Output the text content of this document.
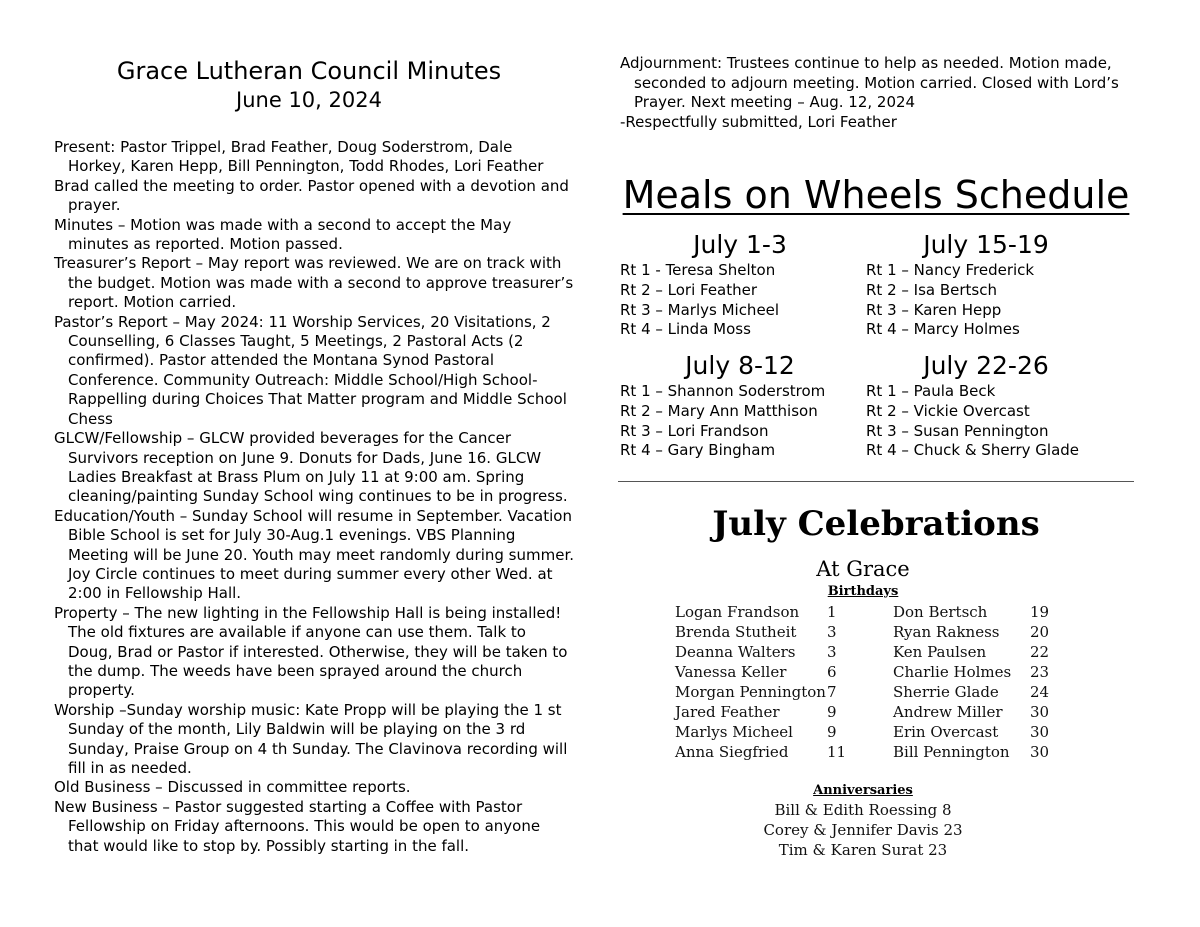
Grace Lutheran Council Minutes
June 10, 2024

Present: Pastor Trippel, Brad Feather, Doug Soderstrom, Dale Horkey, Karen Hepp, Bill Pennington, Todd Rhodes, Lori Feather

Brad called the meeting to order. Pastor opened with a devotion and prayer.

Minutes – Motion was made with a second to accept the May minutes as reported. Motion passed.

Treasurer’s Report – May report was reviewed. We are on track with the budget. Motion was made with a second to approve treasurer’s report. Motion carried.

Pastor’s Report – May 2024: 11 Worship Services, 20 Visitations, 2 Counselling, 6 Classes Taught, 5 Meetings, 2 Pastoral Acts (2 confirmed). Pastor attended the Montana Synod Pastoral Conference. Community Outreach: Middle School/High School- Rappelling during Choices That Matter program and Middle School Chess

GLCW/Fellowship – GLCW provided beverages for the Cancer Survivors reception on June 9. Donuts for Dads, June 16. GLCW Ladies Breakfast at Brass Plum on July 11 at 9:00 am. Spring cleaning/painting Sunday School wing continues to be in progress.

Education/Youth – Sunday School will resume in September. Vacation Bible School is set for July 30-Aug.1 evenings. VBS Planning Meeting will be June 20. Youth may meet randomly during summer. Joy Circle continues to meet during summer every other Wed. at 2:00 in Fellowship Hall.

Property – The new lighting in the Fellowship Hall is being installed! The old fixtures are available if anyone can use them. Talk to Doug, Brad or Pastor if interested. Otherwise, they will be taken to the dump. The weeds have been sprayed around the church property.

Worship –Sunday worship music: Kate Propp will be playing the 1 st Sunday of the month, Lily Baldwin will be playing on the 3 rd Sunday, Praise Group on 4 th Sunday. The Clavinova recording will fill in as needed.

Old Business – Discussed in committee reports.

New Business – Pastor suggested starting a Coffee with Pastor Fellowship on Friday afternoons. This would be open to anyone that would like to stop by. Possibly starting in the fall.

Adjournment: Trustees continue to help as needed. Motion made, seconded to adjourn meeting. Motion carried. Closed with Lord’s Prayer. Next meeting – Aug. 12, 2024

-Respectfully submitted, Lori Feather

Meals on Wheels Schedule
July 1-3
Rt 1 - Teresa Shelton
Rt 2 – Lori Feather
Rt 3 – Marlys Micheel
Rt 4 – Linda Moss
July 15-19
Rt 1 – Nancy Frederick
Rt 2 – Isa Bertsch
Rt 3 – Karen Hepp
Rt 4 – Marcy Holmes
July 8-12
Rt 1 – Shannon Soderstrom
Rt 2 – Mary Ann Matthison
Rt 3 – Lori Frandson
Rt 4 – Gary Bingham
July 22-26
Rt 1 – Paula Beck
Rt 2 – Vickie Overcast
Rt 3 – Susan Pennington
Rt 4 – Chuck & Sherry Glade
July Celebrations
At Grace
Birthdays
Logan Frandson 1
Brenda Stutheit 3
Deanna Walters 3
Vanessa Keller	6
Morgan Pennington7
Jared Feather	9
Marlys Micheel 9
Anna Siegfried	11
Don Bertsch	19
Ryan Rakness 20
Ken Paulsen	22
Charlie Holmes 23
Sherrie Glade 24
Andrew Miller 30
Erin Overcast 30
Bill Pennington 30
Anniversaries
Bill & Edith Roessing 8
Corey & Jennifer Davis 23
Tim & Karen Surat 23
